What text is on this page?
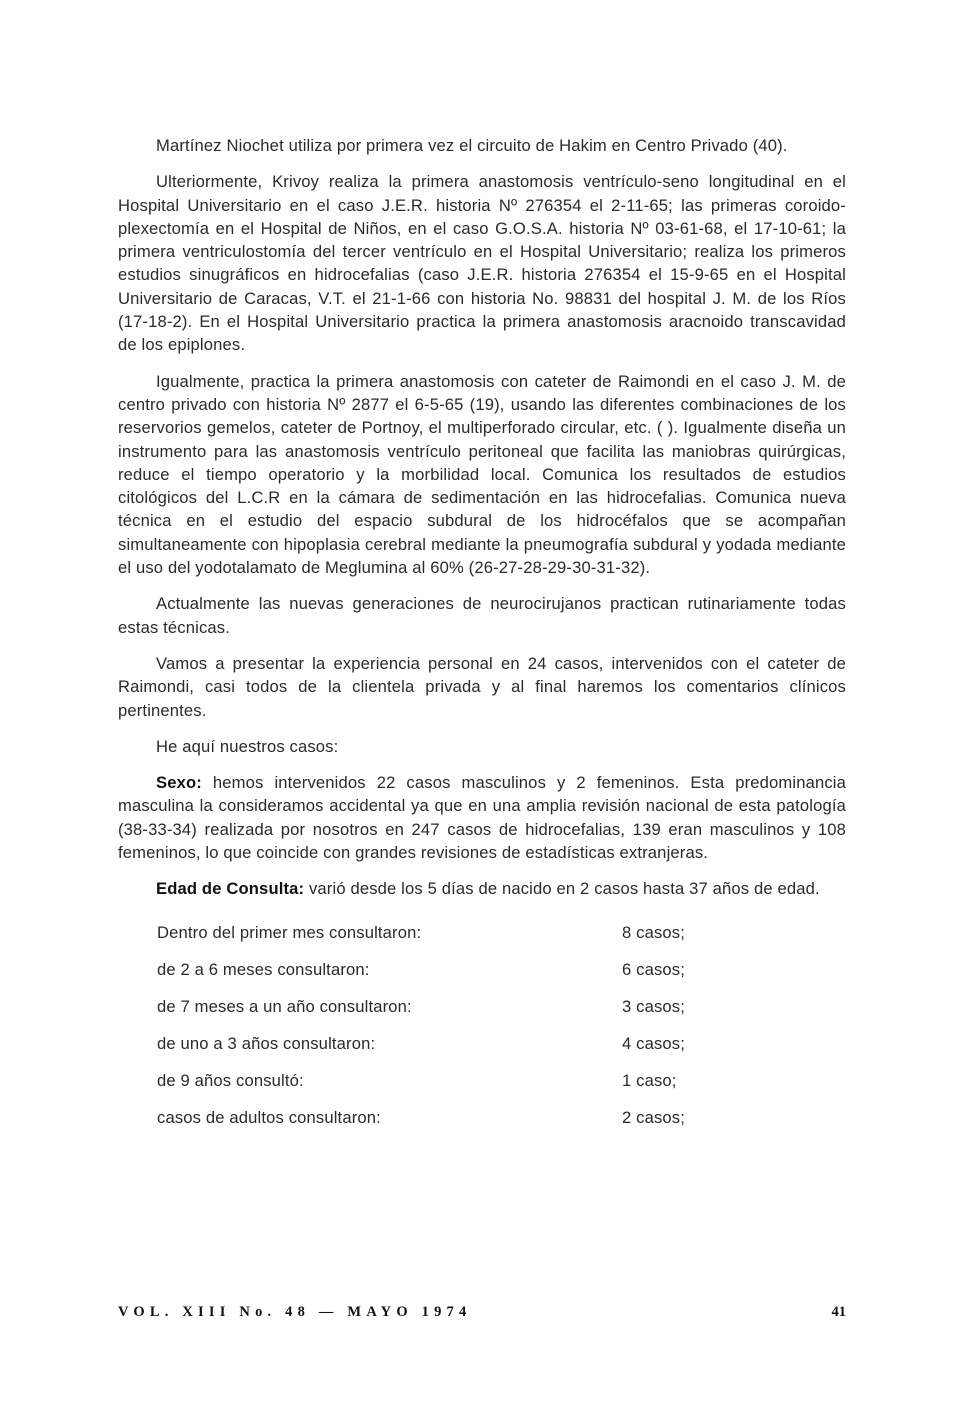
Martínez Niochet utiliza por primera vez el circuito de Hakim en Centro Privado (40).

Ulteriormente, Krivoy realiza la primera anastomosis ventrículo-seno longitudinal en el Hospital Universitario en el caso J.E.R. historia Nº 276354 el 2-11-65; las primeras coroido-plexectomía en el Hospital de Niños, en el caso G.O.S.A. historia Nº 03-61-68, el 17-10-61; la primera ventriculostomía del tercer ventrículo en el Hospital Universitario; realiza los primeros estudios sinugráficos en hidrocefalias (caso J.E.R. historia 276354 el 15-9-65 en el Hospital Universitario de Caracas, V.T. el 21-1-66 con historia No. 98831 del hospital J. M. de los Ríos (17-18-2). En el Hospital Universitario practica la primera anastomosis aracnoido transcavidad de los epiplones.

Igualmente, practica la primera anastomosis con cateter de Raimondi en el caso J. M. de centro privado con historia Nº 2877 el 6-5-65 (19), usando las diferentes combinaciones de los reservorios gemelos, cateter de Portnoy, el multiperforado circular, etc. ( ). Igualmente diseña un instrumento para las anastomosis ventrículo peritoneal que facilita las maniobras quirúrgicas, reduce el tiempo operatorio y la morbilidad local. Comunica los resultados de estudios citológicos del L.C.R en la cámara de sedimentación en las hidrocefalias. Comunica nueva técnica en el estudio del espacio subdural de los hidrocéfalos que se acompañan simultaneamente con hipoplasia cerebral mediante la pneumografía subdural y yodada mediante el uso del yodotalamato de Meglumina al 60% (26-27-28-29-30-31-32).

Actualmente las nuevas generaciones de neurocirujanos practican rutinariamente todas estas técnicas.

Vamos a presentar la experiencia personal en 24 casos, intervenidos con el cateter de Raimondi, casi todos de la clientela privada y al final haremos los comentarios clínicos pertinentes.

He aquí nuestros casos:

Sexo: hemos intervenidos 22 casos masculinos y 2 femeninos. Esta predominancia masculina la consideramos accidental ya que en una amplia revisión nacional de esta patología (38-33-34) realizada por nosotros en 247 casos de hidrocefalias, 139 eran masculinos y 108 femeninos, lo que coincide con grandes revisiones de estadísticas extranjeras.

Edad de Consulta: varió desde los 5 días de nacido en 2 casos hasta 37 años de edad.

Dentro del primer mes consultaron:	8 casos;
de 2 a 6 meses consultaron:	6 casos;
de 7 meses a un año consultaron:	3 casos;
de uno a 3 años consultaron:	4 casos;
de 9 años consultó:	1 caso;
casos de adultos consultaron:	2 casos;
VOL. XIII No. 48 — MAYO 1974	41
